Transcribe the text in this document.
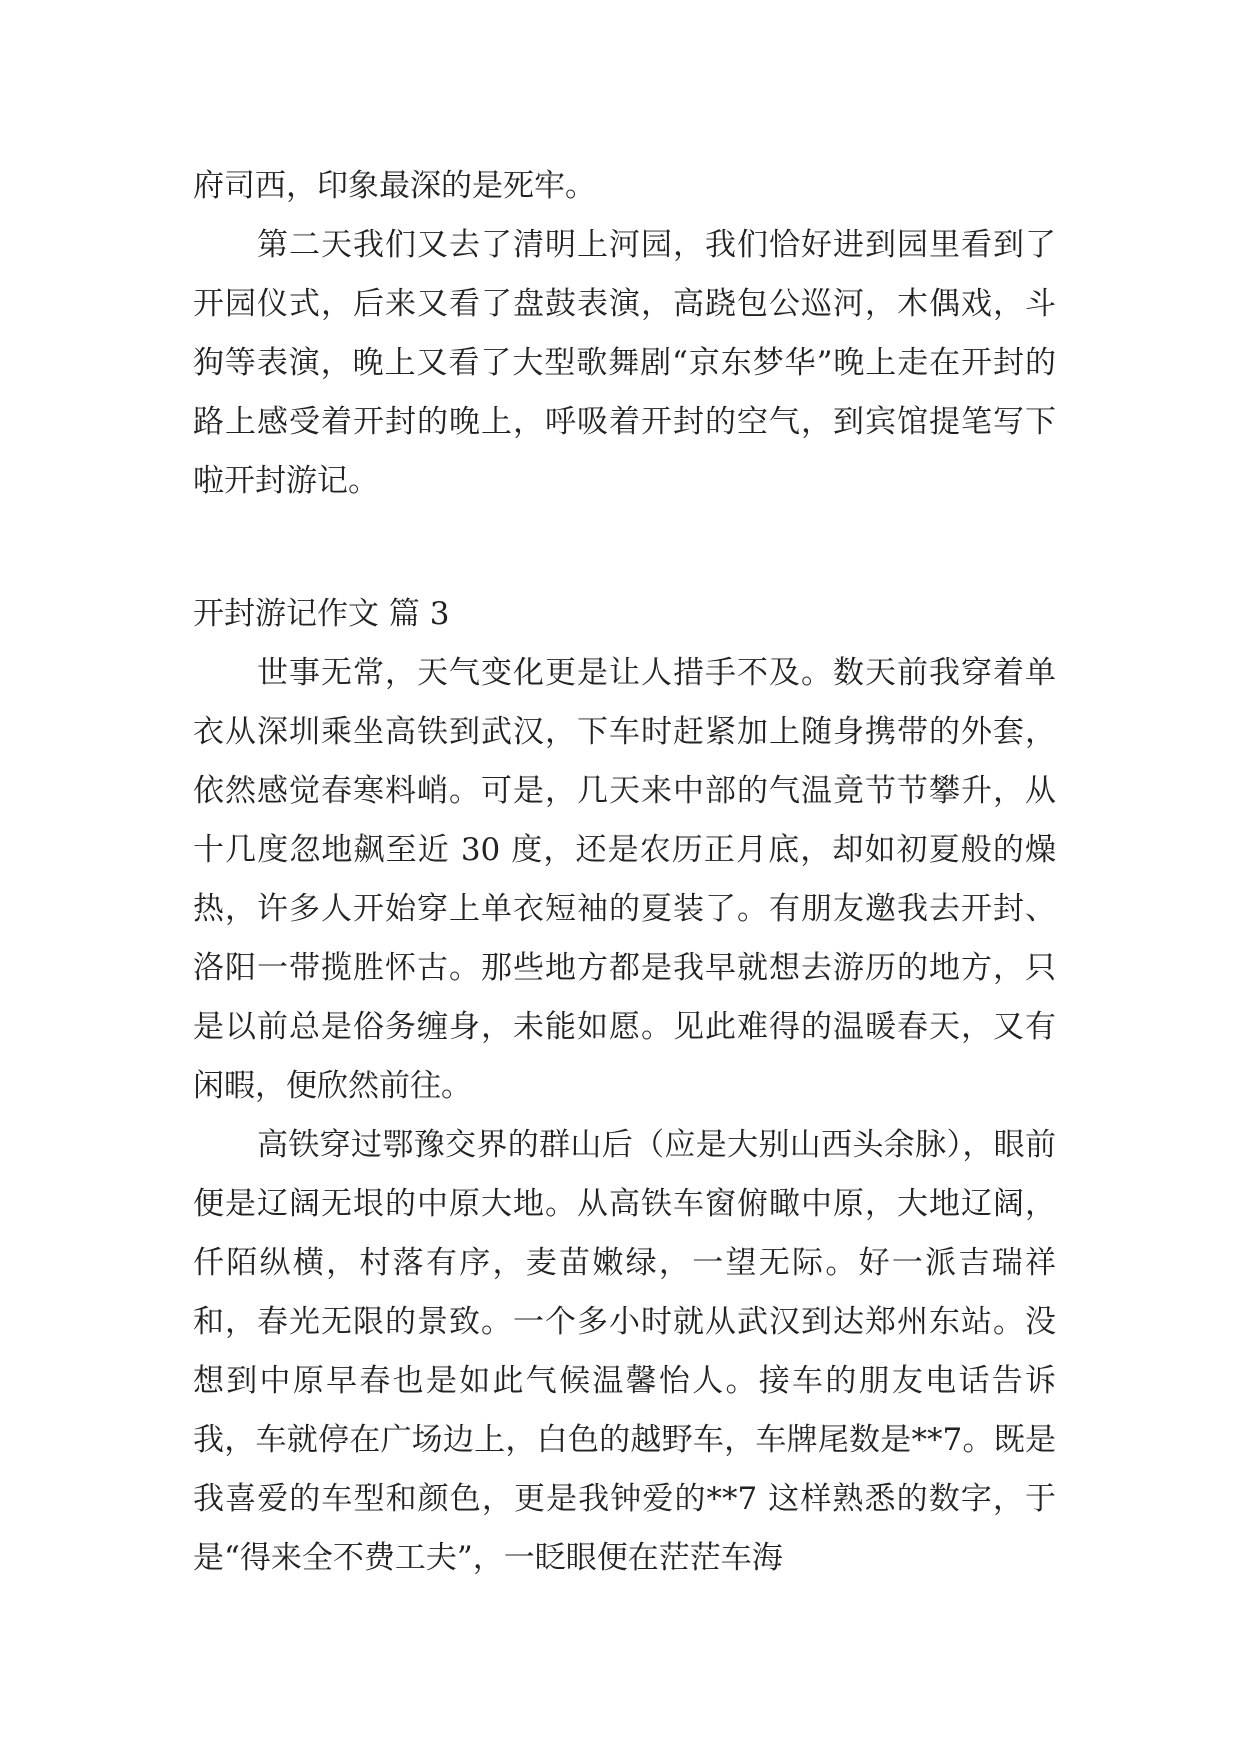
府司西，印象最深的是死牢。

第二天我们又去了清明上河园，我们恰好进到园里看到了开园仪式，后来又看了盘鼓表演，高跷包公巡河，木偶戏，斗狗等表演，晚上又看了大型歌舞剧“京东梦华”晚上走在开封的路上感受着开封的晚上，呼吸着开封的空气，到宾馆提笔写下啦开封游记。

开封游记作文 篇 3

世事无常，天气变化更是让人措手不及。数天前我穿着单衣从深圳乘坐高铁到武汉，下车时赶紧加上随身携带的外套，依然感觉春寒料峭。可是，几天来中部的气温竟节节攀升，从十几度忽地飙至近 30 度，还是农历正月底，却如初夏般的燥热，许多人开始穿上单衣短袖的夏装了。有朋友邀我去开封、洛阳一带揽胜怀古。那些地方都是我早就想去游历的地方，只是以前总是俗务缠身，未能如愿。见此难得的温暖春天，又有闲暇，便欣然前往。

高铁穿过鄂豫交界的群山后（应是大别山西头余脉），眼前便是辽阔无垠的中原大地。从高铁车窗俯瞰中原，大地辽阔，仟陌纵横，村落有序，麦苗嫩绿，一望无际。好一派吉瑞祥和，春光无限的景致。一个多小时就从武汉到达郑州东站。没想到中原早春也是如此气候温馨怡人。接车的朋友电话告诉我，车就停在广场边上，白色的越野车，车牌尾数是**7。既是我喜爱的车型和颜色，更是我钟爱的**7 这样熟悉的数字，于是“得来全不费工夫”，一眨眼便在茫茫车海
